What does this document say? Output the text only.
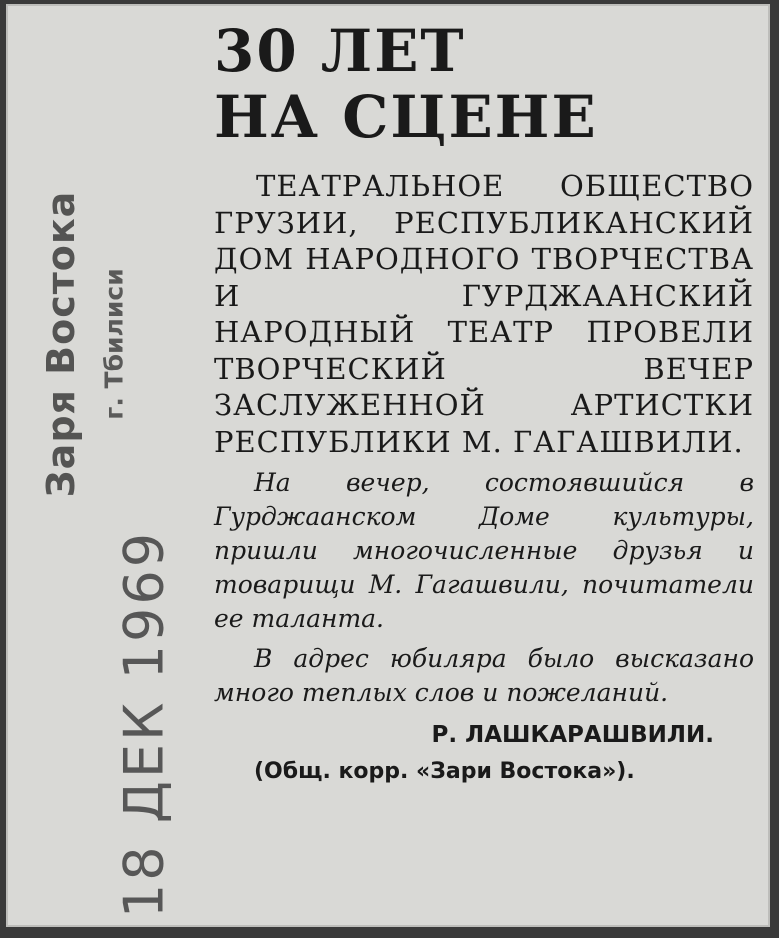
Заря Востока г. Тбилиси
18 ДЕК 1969
30 ЛЕТ
НА СЦЕНЕ

ТЕАТРАЛЬНОЕ ОБЩЕСТВО ГРУЗИИ, РЕСПУБЛИКАНСКИЙ ДОМ НАРОДНОГО ТВОРЧЕСТВА И ГУРДЖААНСКИЙ НАРОДНЫЙ ТЕАТР ПРОВЕЛИ ТВОРЧЕСКИЙ ВЕЧЕР ЗАСЛУЖЕННОЙ АРТИСТКИ РЕСПУБЛИКИ М. ГАГАШВИЛИ.

На вечер, состоявшийся в Гурджаанском Доме культуры, пришли многочисленные друзья и товарищи М. Гагашвили, почитатели ее таланта.

В адрес юбиляра было высказано много теплых слов и пожеланий.

Р. ЛАШКАРАШВИЛИ.
(Общ. корр. «Зари Востока»).
